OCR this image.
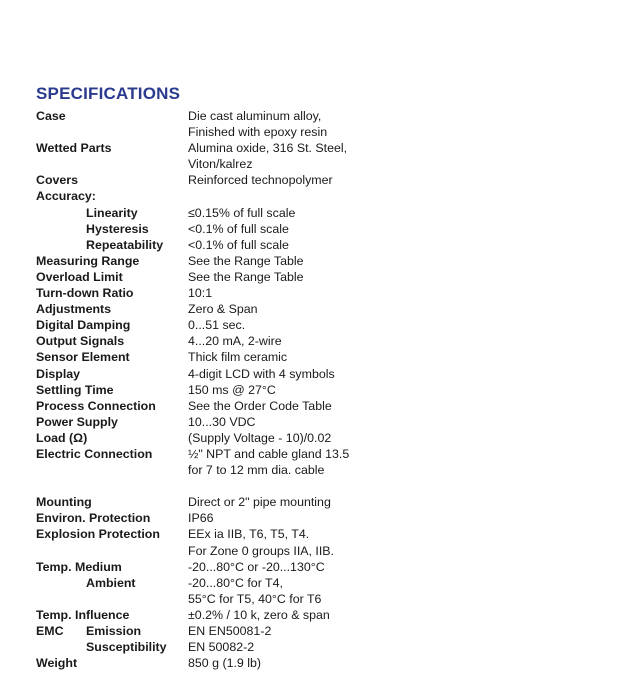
SPECIFICATIONS
Case	Die cast aluminum alloy,
Finished with epoxy resin
Wetted Parts	Alumina oxide, 316 St. Steel,
Viton/kalrez
Covers	Reinforced technopolymer
Accuracy:
Linearity	≤0.15% of full scale
Hysteresis	<0.1% of full scale
Repeatability	<0.1% of full scale
Measuring Range	See the Range Table
Overload Limit	See the Range Table
Turn-down Ratio	10:1
Adjustments	Zero & Span
Digital Damping	0...51 sec.
Output Signals	4...20 mA, 2-wire
Sensor Element	Thick film ceramic
Display	4-digit LCD with 4 symbols
Settling Time	150 ms @ 27°C
Process Connection	See the Order Code Table
Power Supply	10...30 VDC
Load (Ω)	(Supply Voltage - 10)/0.02
Electric Connection	½" NPT and cable gland 13.5
for 7 to 12 mm dia. cable

Mounting	Direct or 2" pipe mounting
Environ. Protection	IP66
Explosion Protection	EEx ia IIB, T6, T5, T4.
For Zone 0 groups IIA, IIB.
Temp. Medium	-20...80°C or -20...130°C
Ambient	-20...80°C for T4,
55°C for T5, 40°C for T6
Temp. Influence	±0.2% / 10 k, zero & span
EMC	Emission	EN EN50081-2
Susceptibility	EN 50082-2
Weight	850 g (1.9 lb)
